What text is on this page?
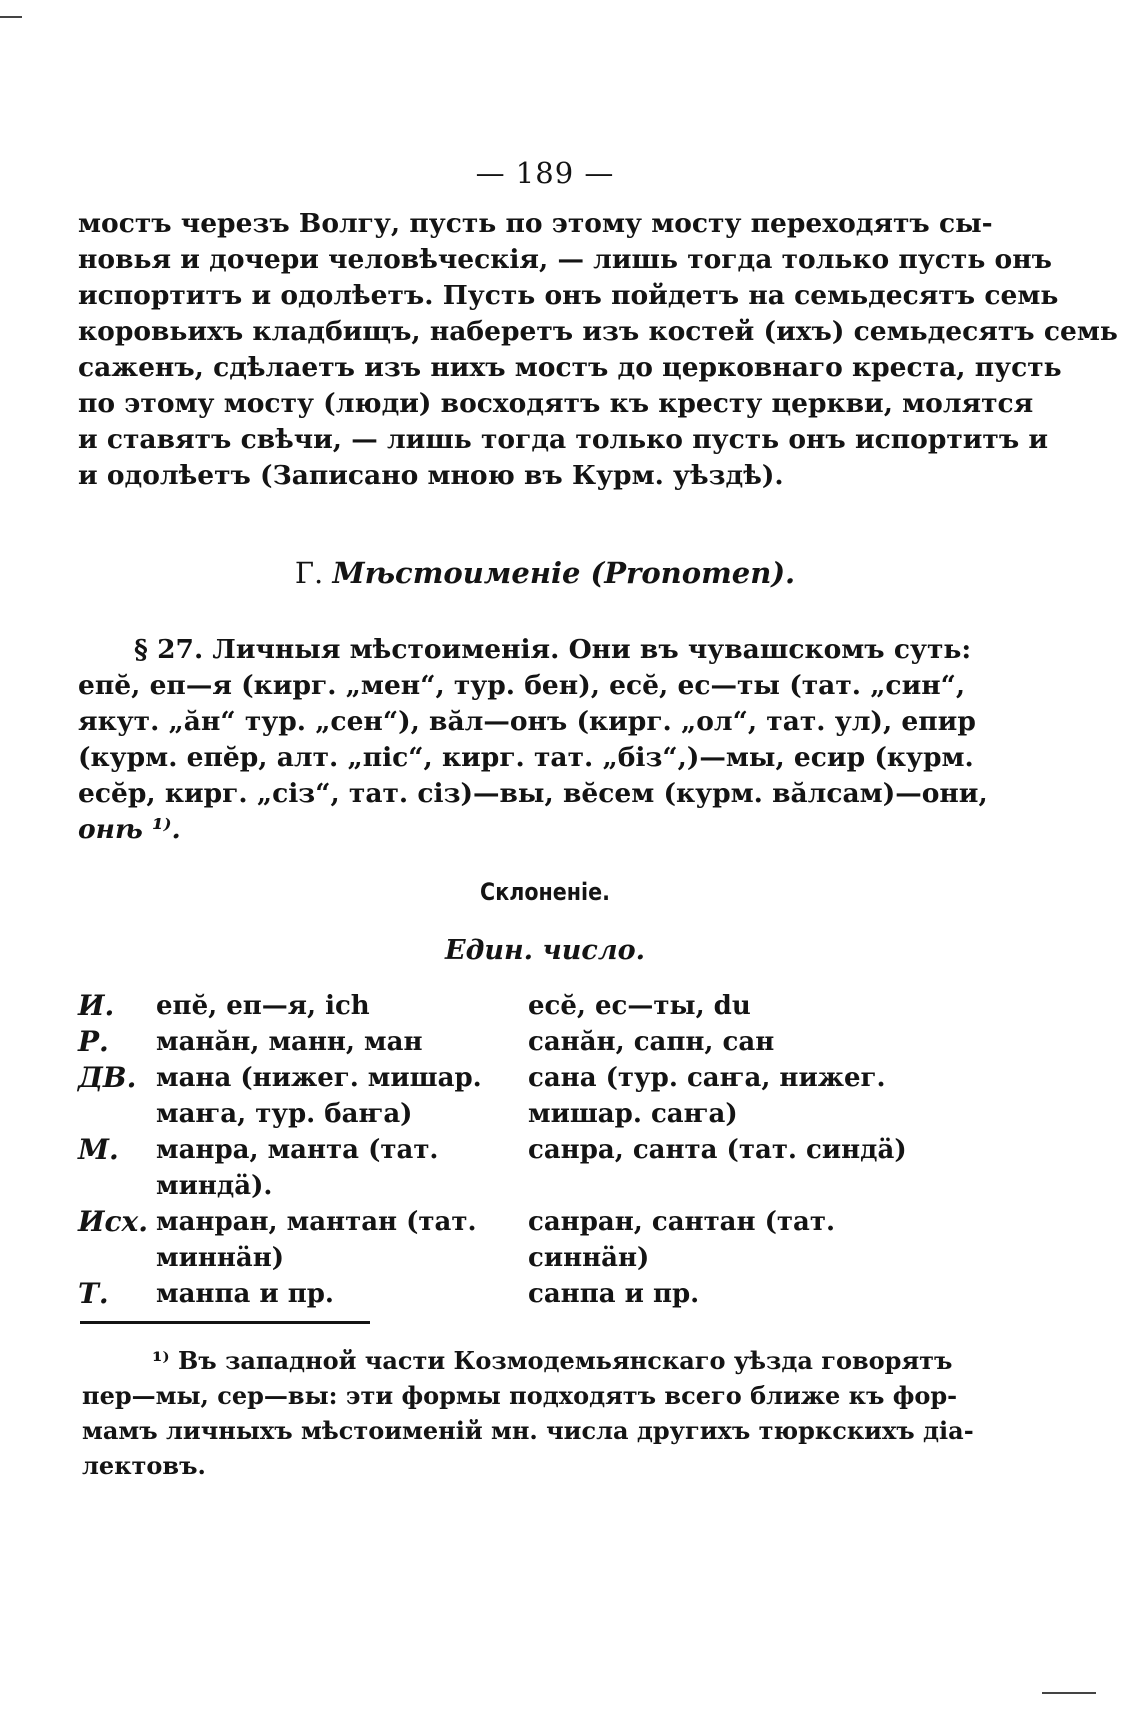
— 189 —
мостъ черезъ Волгу, пусть по этому мосту переходятъ сы-
новья и дочери человѣческія, — лишь тогда только пусть онъ
испортитъ и одолѣетъ. Пусть онъ пойдетъ на семьдесятъ семь
коровьихъ кладбищъ, наберетъ изъ костей (ихъ) семьдесятъ семь
саженъ, сдѣлаетъ изъ нихъ мостъ до церковнаго креста, пусть
по этому мосту (люди) восходятъ къ кресту церкви, молятся
и ставятъ свѣчи, — лишь тогда только пусть онъ испортитъ и
и одолѣетъ (Записано мною въ Курм. уѣздѣ).
Г. Мѣстоименіе (Pronomen).
§ 27. Личныя мѣстоименія. Они въ чувашскомъ суть:
епĕ, еп—я (кирг. „мен“, тур. бен), есĕ, ес—ты (тат. „син“,
якут. „ӑн“ тур. „сен“), вӑл—онъ (кирг. „ол“, тат. ул), епир
(курм. епĕр, алт. „піс“, кирг. тат. „біз“,)—мы, есир (курм.
есĕр, кирг. „сіз“, тат. сіз)—вы, вĕсем (курм. вӑлсам)—они,
онѣ ¹⁾.
Склоненіе.
Един. число.
И.	епĕ, еп—я, ich	есĕ, ес—ты, du
Р.	манӑн, манн, ман	санӑн, сапн, сан
ДВ.	мана (нижег. мишар. маҥа, тур. баҥа)	сана (тур. саҥа, нижег. мишар. саҥа)
М.	манра, манта (тат. миндӓ).	санра, санта (тат. синдӓ)
Исх.	манран, мантан (тат. миннӓн)	санран, сантан (тат. синнӓн)
Т.	манпа и пр.	санпа и пр.
¹⁾ Въ западной части Козмодемьянскаго уѣзда говорятъ
пер—мы, сер—вы: эти формы подходятъ всего ближе къ фор-
мамъ личныхъ мѣстоименій мн. числа другихъ тюркскихъ діа-
лектовъ.
